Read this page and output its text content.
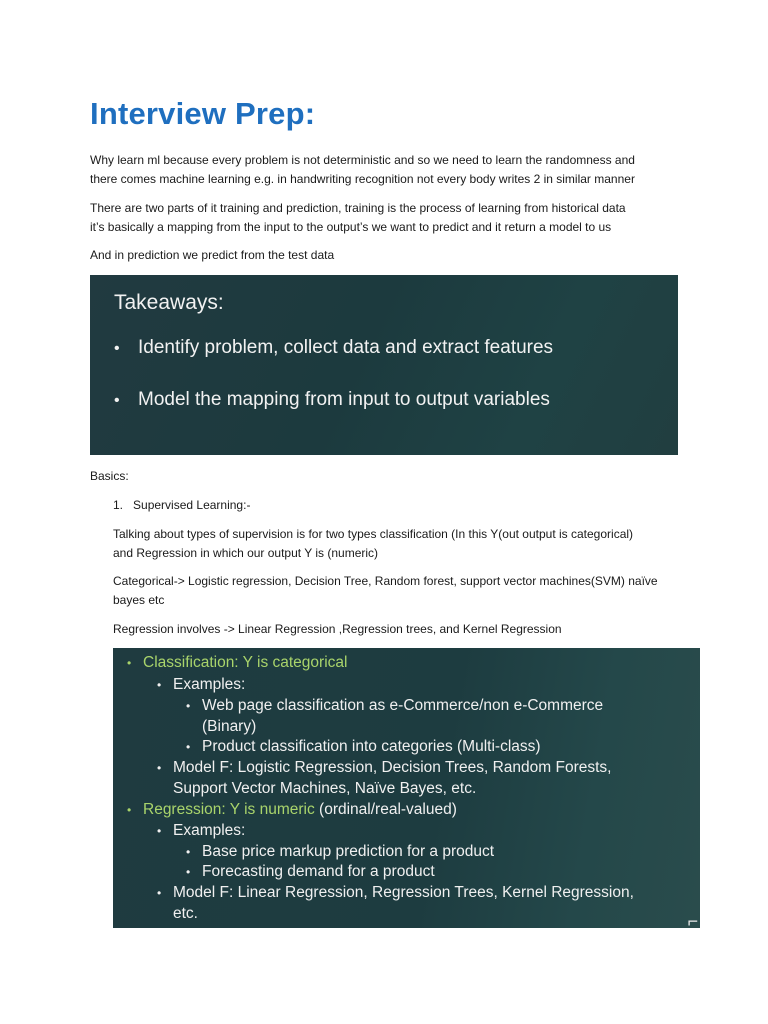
Interview Prep:

Why learn ml because every problem is not deterministic and so we need to learn the randomness and
there comes machine learning e.g. in handwriting recognition not every body writes 2 in similar manner

There are two parts of it training and prediction, training is the process of learning from historical data
it’s basically a mapping from the input to the output’s we want to predict and it return a model to us

And in prediction we predict from the test data

Takeaways:
• Identify problem, collect data and extract features
• Model the mapping from input to output variables

Basics:

1. Supervised Learning:-

Talking about types of supervision is for two types classification (In this Y(out output is categorical)
and Regression in which our output Y is (numeric)

Categorical-> Logistic regression, Decision Tree, Random forest, support vector machines(SVM) naïve
bayes etc

Regression involves -> Linear Regression ,Regression trees, and Kernel Regression

• Classification: Y is categorical

• Examples:

• Web page classification as e-Commerce/non e-Commerce

(Binary)

• Product classification into categories (Multi-class)

• Model F: Logistic Regression, Decision Trees, Random Forests,

Support Vector Machines, Naïve Bayes, etc.

• Regression: Y is numeric (ordinal/real-valued)

• Examples:

• Base price markup prediction for a product

• Forecasting demand for a product

• Model F: Linear Regression, Regression Trees, Kernel Regression,

etc.	⌐
